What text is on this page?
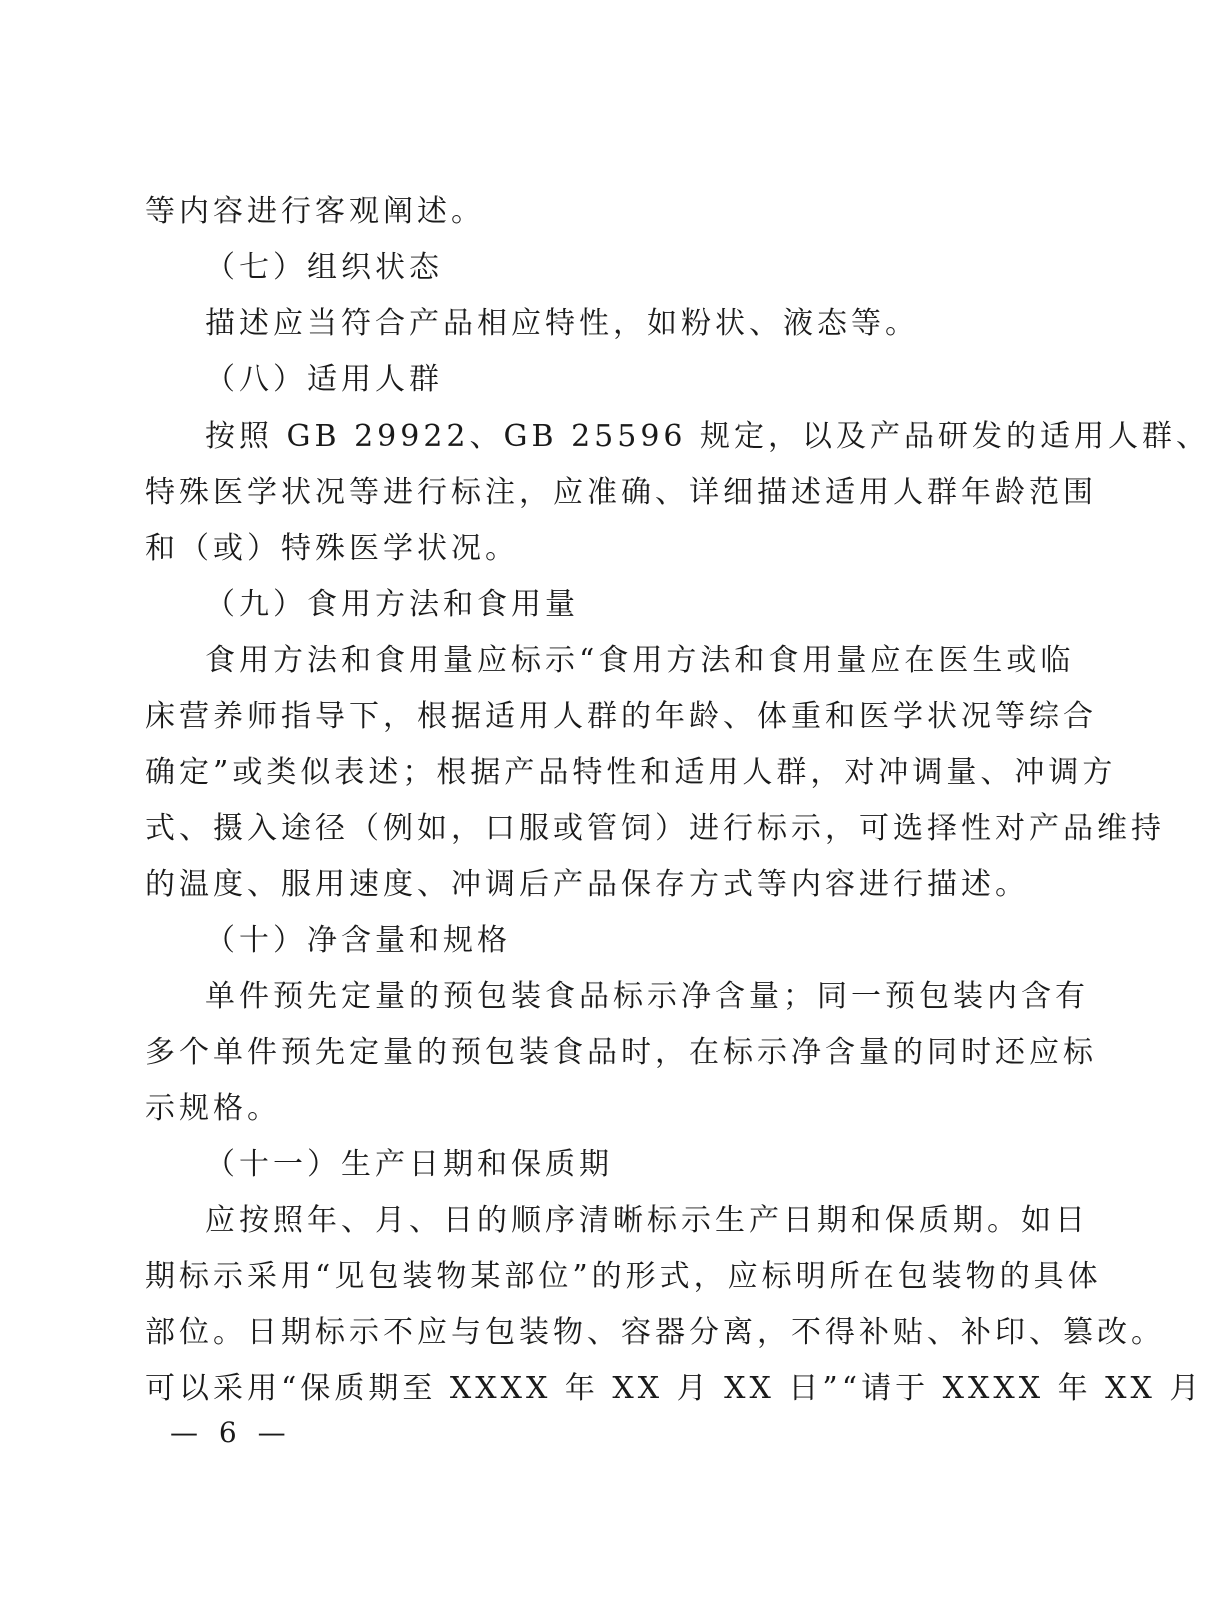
等内容进行客观阐述。
（七）组织状态
描述应当符合产品相应特性，如粉状、液态等。
（八）适用人群
按照 GB 29922、GB 25596 规定，以及产品研发的适用人群、
特殊医学状况等进行标注，应准确、详细描述适用人群年龄范围
和（或）特殊医学状况。
（九）食用方法和食用量
食用方法和食用量应标示“食用方法和食用量应在医生或临
床营养师指导下，根据适用人群的年龄、体重和医学状况等综合
确定”或类似表述；根据产品特性和适用人群，对冲调量、冲调方
式、摄入途径（例如，口服或管饲）进行标示，可选择性对产品维持
的温度、服用速度、冲调后产品保存方式等内容进行描述。
（十）净含量和规格
单件预先定量的预包装食品标示净含量；同一预包装内含有
多个单件预先定量的预包装食品时，在标示净含量的同时还应标
示规格。
（十一）生产日期和保质期
应按照年、月、日的顺序清晰标示生产日期和保质期。如日
期标示采用“见包装物某部位”的形式，应标明所在包装物的具体
部位。日期标示不应与包装物、容器分离，不得补贴、补印、篡改。
可以采用“保质期至 XXXX 年 XX 月 XX 日”“请于 XXXX 年 XX 月
— 6 —
